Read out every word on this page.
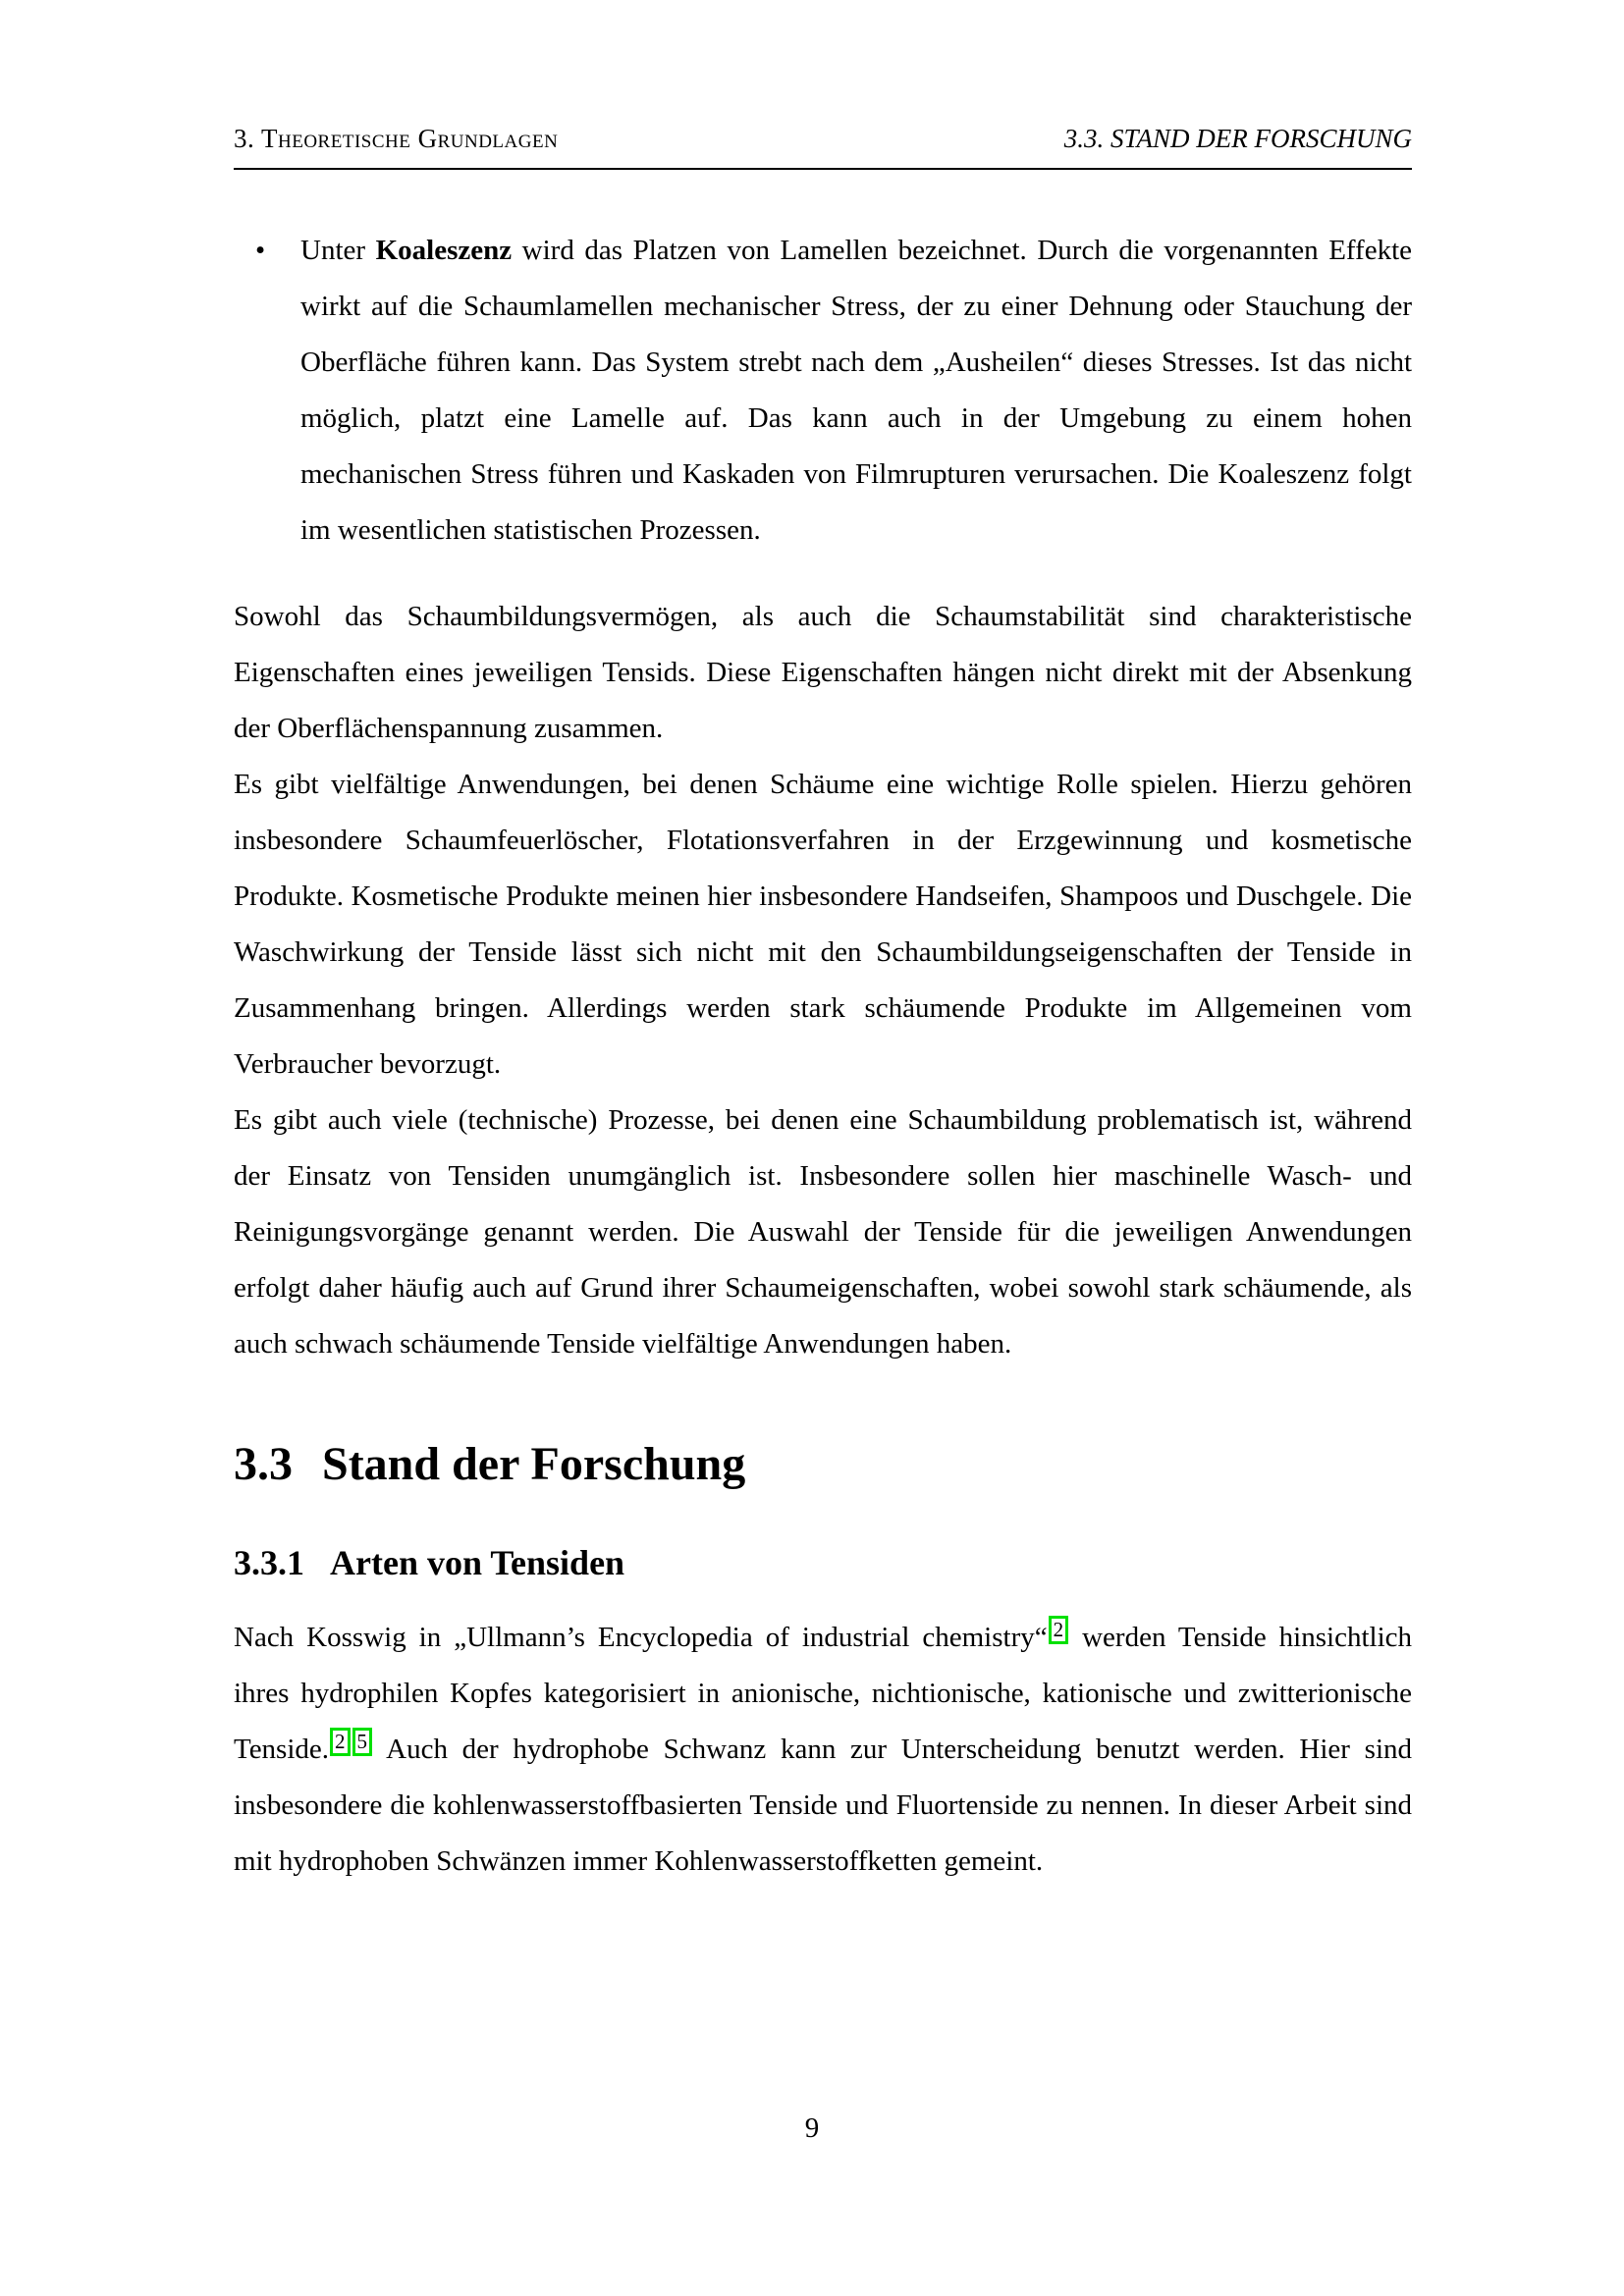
3. Theoretische Grundlagen	3.3. STAND DER FORSCHUNG
•	Unter Koaleszenz wird das Platzen von Lamellen bezeichnet. Durch die vorgenannten Effekte wirkt auf die Schaumlamellen mechanischer Stress, der zu einer Dehnung oder Stauchung der Oberfläche führen kann. Das System strebt nach dem „Ausheilen“ dieses Stresses. Ist das nicht möglich, platzt eine Lamelle auf. Das kann auch in der Umgebung zu einem hohen mechanischen Stress führen und Kaskaden von Filmrupturen verursachen. Die Koaleszenz folgt im wesentlichen statistischen Prozessen.

Sowohl das Schaumbildungsvermögen, als auch die Schaumstabilität sind charakteristische Eigenschaften eines jeweiligen Tensids. Diese Eigenschaften hängen nicht direkt mit der Absenkung der Oberflächenspannung zusammen.

Es gibt vielfältige Anwendungen, bei denen Schäume eine wichtige Rolle spielen. Hierzu gehören insbesondere Schaumfeuerlöscher, Flotationsverfahren in der Erzgewinnung und kosmetische Produkte. Kosmetische Produkte meinen hier insbesondere Handseifen, Shampoos und Duschgele. Die Waschwirkung der Tenside lässt sich nicht mit den Schaumbildungseigenschaften der Tenside in Zusammenhang bringen. Allerdings werden stark schäumende Produkte im Allgemeinen vom Verbraucher bevorzugt.

Es gibt auch viele (technische) Prozesse, bei denen eine Schaumbildung problematisch ist, während der Einsatz von Tensiden unumgänglich ist. Insbesondere sollen hier maschinelle Wasch- und Reinigungsvorgänge genannt werden. Die Auswahl der Tenside für die jeweiligen Anwendungen erfolgt daher häufig auch auf Grund ihrer Schaumeigenschaften, wobei sowohl stark schäumende, als auch schwach schäumende Tenside vielfältige Anwendungen haben.

3.3 Stand der Forschung
3.3.1 Arten von Tensiden

Nach Kosswig in „Ullmann’s Encyclopedia of industrial chemistry“ 2 werden Tenside hinsichtlich ihres hydrophilen Kopfes kategorisiert in anionische, nichtionische, kationische und zwitterionische Tenside. 2 5 Auch der hydrophobe Schwanz kann zur Unterscheidung benutzt werden. Hier sind insbesondere die kohlenwasserstoffbasierten Tenside und Fluortenside zu nennen. In dieser Arbeit sind mit hydrophoben Schwänzen immer Kohlenwasserstoffketten gemeint.

9
